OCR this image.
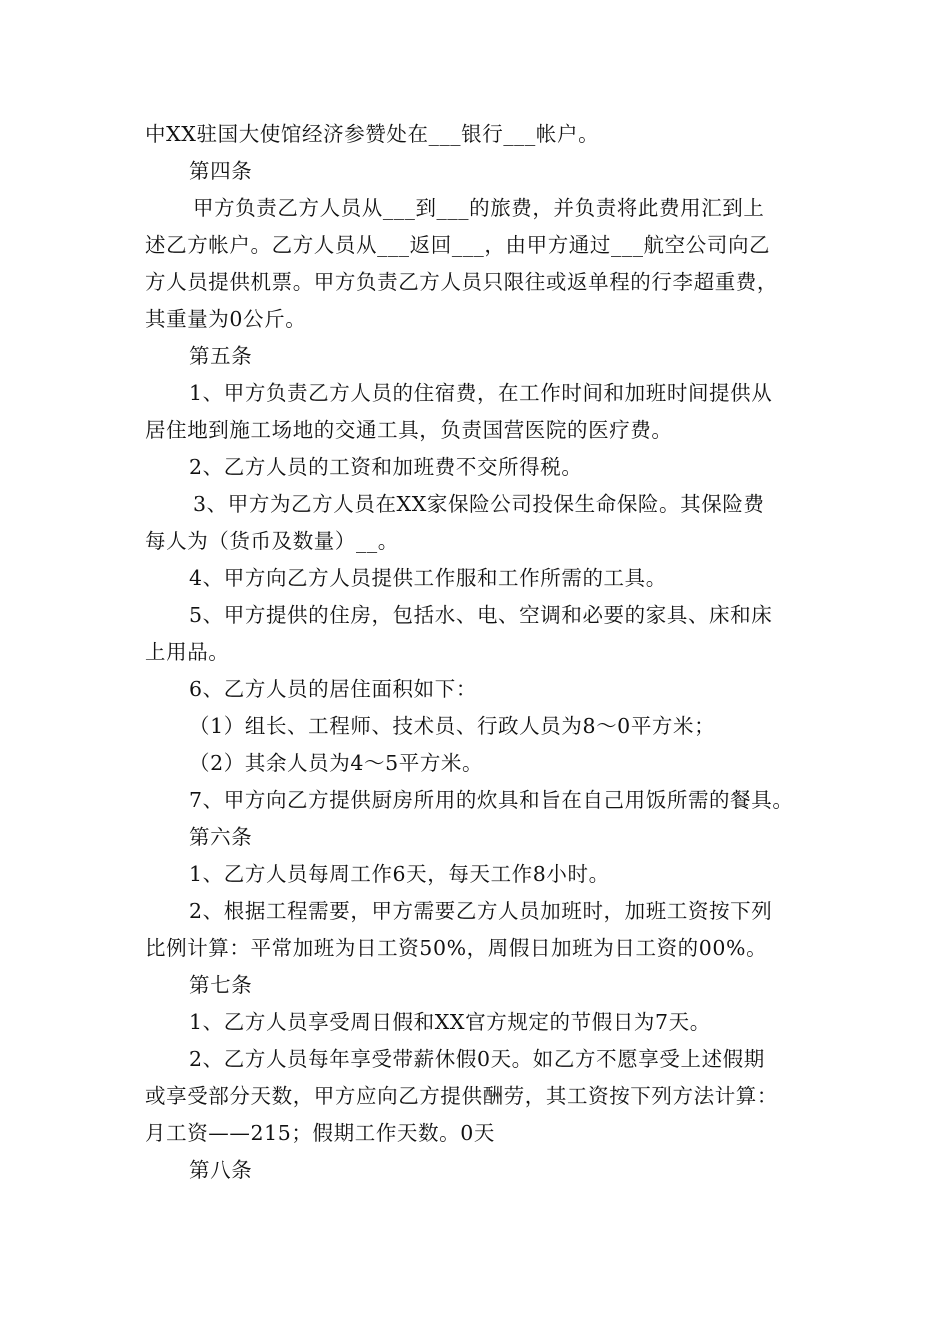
中XX驻国大使馆经济参赞处在___银行___帐户。
第四条
甲方负责乙方人员从___到___的旅费，并负责将此费用汇到上
述乙方帐户。乙方人员从___返回___，由甲方通过___航空公司向乙
方人员提供机票。甲方负责乙方人员只限往或返单程的行李超重费，
其重量为0公斤。
第五条
1、甲方负责乙方人员的住宿费，在工作时间和加班时间提供从
居住地到施工场地的交通工具，负责国营医院的医疗费。
2、乙方人员的工资和加班费不交所得税。
3、甲方为乙方人员在XX家保险公司投保生命保险。其保险费
每人为（货币及数量）__。
4、甲方向乙方人员提供工作服和工作所需的工具。
5、甲方提供的住房，包括水、电、空调和必要的家具、床和床
上用品。
6、乙方人员的居住面积如下：
（1）组长、工程师、技术员、行政人员为8～0平方米；
（2）其余人员为4～5平方米。
7、甲方向乙方提供厨房所用的炊具和旨在自己用饭所需的餐具。
第六条
1、乙方人员每周工作6天，每天工作8小时。
2、根据工程需要，甲方需要乙方人员加班时，加班工资按下列
比例计算：平常加班为日工资50%，周假日加班为日工资的00%。
第七条
1、乙方人员享受周日假和XX官方规定的节假日为7天。
2、乙方人员每年享受带薪休假0天。如乙方不愿享受上述假期
或享受部分天数，甲方应向乙方提供酬劳，其工资按下列方法计算：
月工资——215；假期工作天数。0天
第八条
